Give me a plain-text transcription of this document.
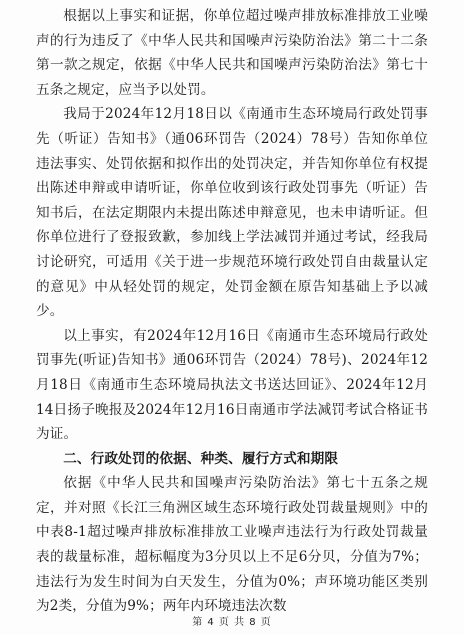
根据以上事实和证据，你单位超过噪声排放标准排放工业噪声的行为违反了《中华人民共和国噪声污染防治法》第二十二条第一款之规定，依据《中华人民共和国噪声污染防治法》第七十五条之规定，应当予以处罚。

我局于2024年12月18日以《南通市生态环境局行政处罚事先（听证）告知书》（通06环罚告（2024）78号）告知你单位违法事实、处罚依据和拟作出的处罚决定，并告知你单位有权提出陈述申辩或申请听证，你单位收到该行政处罚事先（听证）告知书后，在法定期限内未提出陈述申辩意见，也未申请听证。但你单位进行了登报致歉，参加线上学法减罚并通过考试，经我局讨论研究，可适用《关于进一步规范环境行政处罚自由裁量认定的意见》中从轻处罚的规定，处罚金额在原告知基础上予以减少。

以上事实，有2024年12月16日《南通市生态环境局行政处罚事先(听证)告知书》通06环罚告（2024）78号)、2024年12月18日《南通市生态环境局执法文书送达回证》、2024年12月14日扬子晚报及2024年12月16日南通市学法减罚考试合格证书为证。

二、行政处罚的依据、种类、履行方式和期限

依据《中华人民共和国噪声污染防治法》第七十五条之规定，并对照《长江三角洲区域生态环境行政处罚裁量规则》中的中表8-1超过噪声排放标准排放工业噪声违法行为行政处罚裁量表的裁量标准，超标幅度为3分贝以上不足6分贝，分值为7%；违法行为发生时间为白天发生，分值为0%；声环境功能区类别为2类，分值为9%；两年内环境违法次数

第 4 页 共 8 页
